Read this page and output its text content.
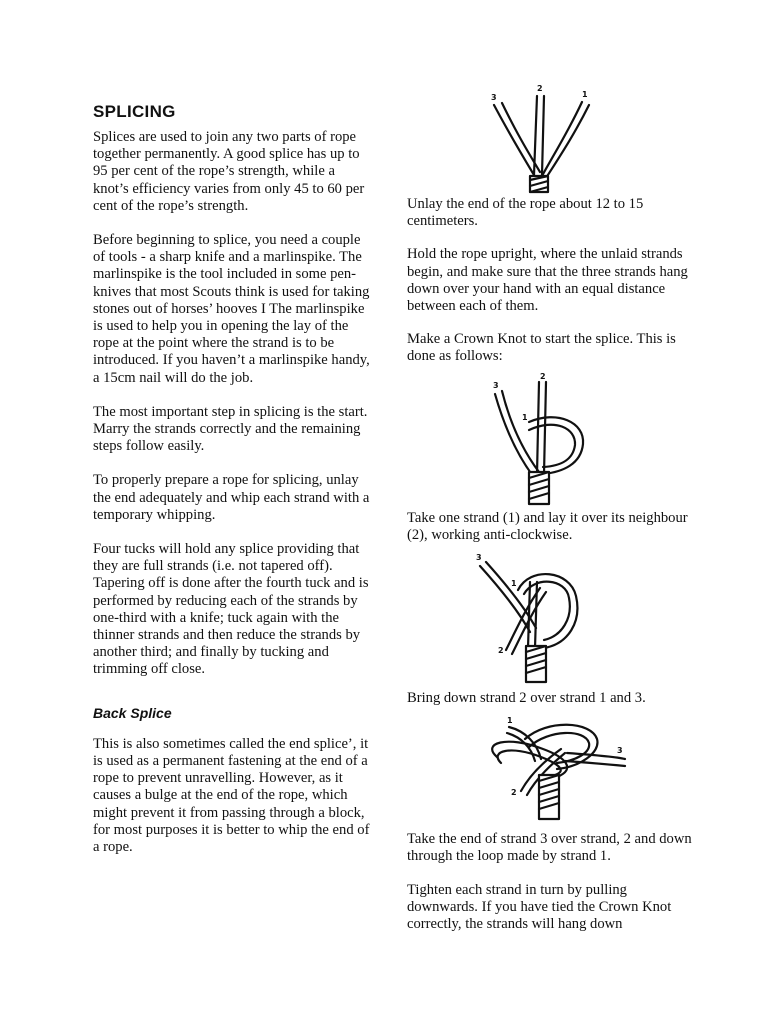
SPLICING

Splices are used to join any two parts of rope together permanently. A good splice has up to 95 per cent of the rope’s strength, while a knot’s efficiency varies from only 45 to 60 per cent of the rope’s strength.

Before beginning to splice, you need a couple of tools - a sharp knife and a marlinspike. The marlinspike is the tool included in some pen-knives that most Scouts think is used for taking stones out of horses’ hooves I The marlinspike is used to help you in opening the lay of the rope at the point where the strand is to be introduced. If you haven’t a marlinspike handy, a 15cm nail will do the job.

The most important step in splicing is the start. Marry the strands correctly and the remaining steps follow easily.

To properly prepare a rope for splicing, unlay the end adequately and whip each strand with a temporary whipping.

Four tucks will hold any splice providing that they are full strands (i.e. not tapered off). Tapering off is done after the fourth tuck and is performed by reducing each of the strands by one-third with a knife; tuck again with the thinner strands and then reduce the strands by another third; and finally by tucking and trimming off close.

Back Splice

This is also sometimes called the end splice’, it is used as a permanent fastening at the end of a rope to prevent unravelling. However, as it causes a bulge at the end of the rope, which might prevent it from passing through a block, for most purposes it is better to whip the end of a rope.

3
2
1

Unlay the end of the rope about 12 to 15 centimeters.

Hold the rope upright, where the unlaid strands begin, and make sure that the three strands hang down over your hand with an equal distance between each of them.

Make a Crown Knot to start the splice. This is done as follows:

3
2
1

Take one strand (1) and lay it over its neighbour (2), working anti-clockwise.

3
1
2

Bring down strand 2 over strand 1 and 3.

1
3
2

Take the end of strand 3 over strand, 2 and down through the loop made by strand 1.

Tighten each strand in turn by pulling downwards. If you have tied the Crown Knot correctly, the strands will hang down
